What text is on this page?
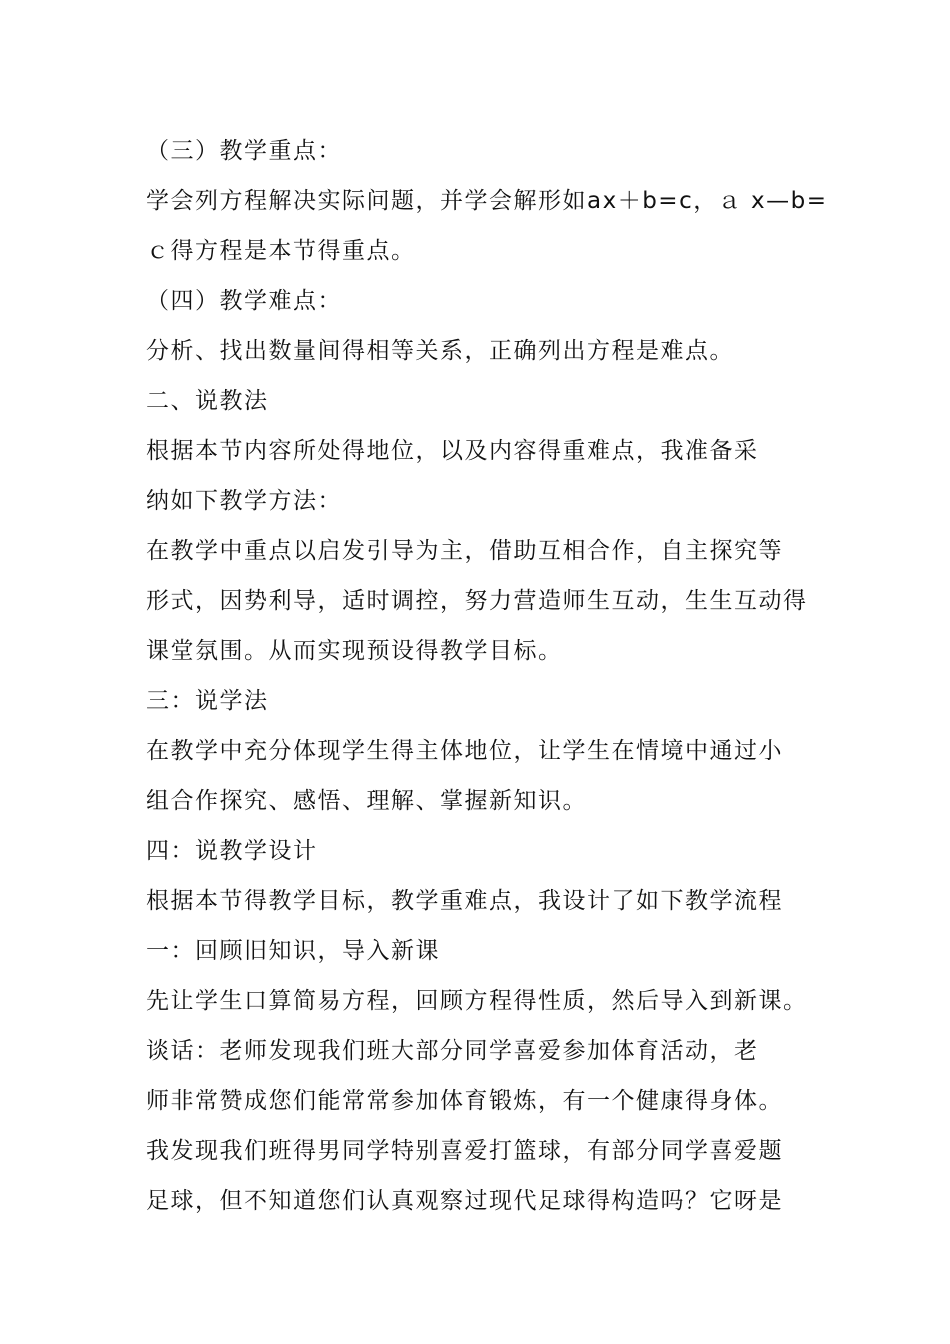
（三）教学重点：
学会列方程解决实际问题，并学会解形如ax＋b=c，ａ x—b=
ｃ得方程是本节得重点。
（四）教学难点：
分析、找出数量间得相等关系，正确列出方程是难点。
二、说教法
根据本节内容所处得地位，以及内容得重难点，我准备采
纳如下教学方法：
在教学中重点以启发引导为主，借助互相合作，自主探究等
形式，因势利导，适时调控，努力营造师生互动，生生互动得
课堂氛围。从而实现预设得教学目标。
三：说学法
在教学中充分体现学生得主体地位，让学生在情境中通过小
组合作探究、感悟、理解、掌握新知识。
四：说教学设计
根据本节得教学目标，教学重难点，我设计了如下教学流程
一：回顾旧知识，导入新课
先让学生口算简易方程，回顾方程得性质，然后导入到新课。
谈话：老师发现我们班大部分同学喜爱参加体育活动，老
师非常赞成您们能常常参加体育锻炼，有一个健康得身体。
我发现我们班得男同学特别喜爱打篮球，有部分同学喜爱题
足球，但不知道您们认真观察过现代足球得构造吗？它呀是
